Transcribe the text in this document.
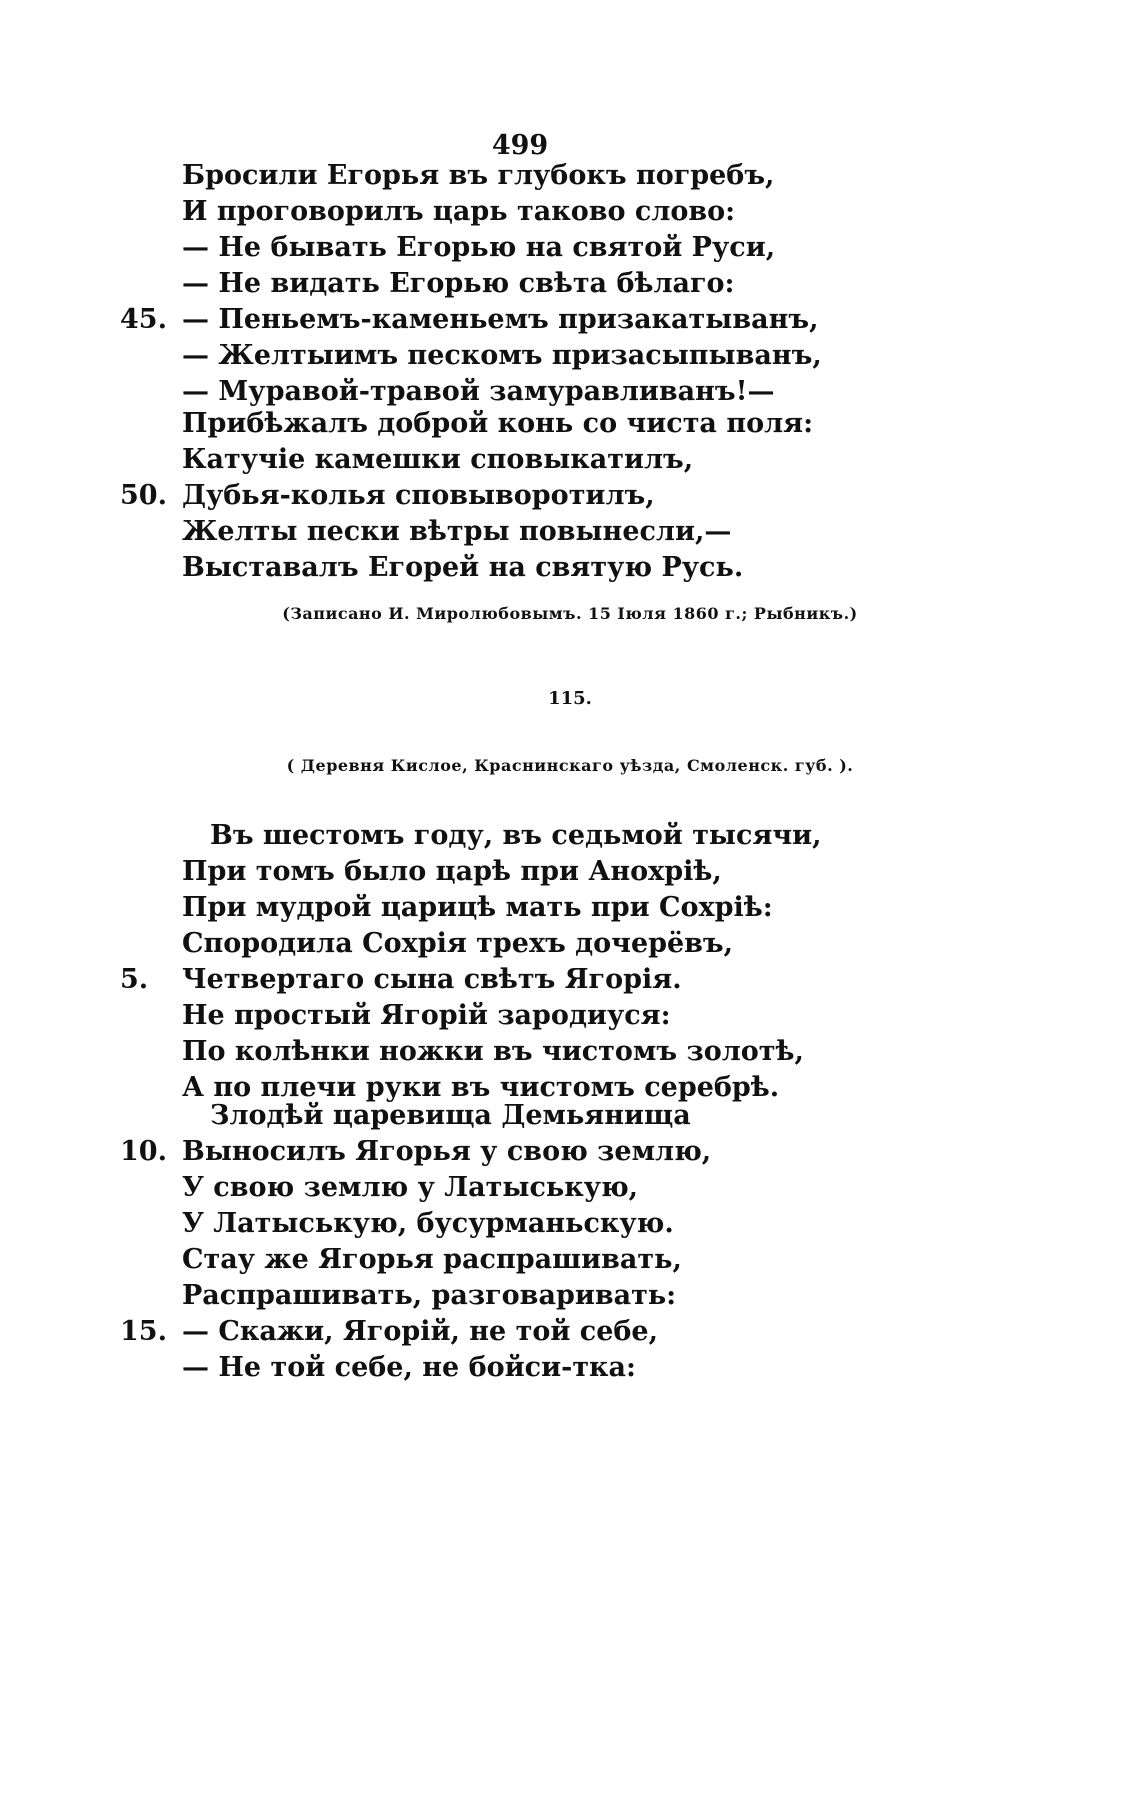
499
Бросили Егорья въ глубокъ погребъ,
И проговорилъ царь таково слово:
— Не бывать Егорью на святой Руси,
— Не видать Егорью свѣта бѣлаго:
45. — Пеньемъ-каменьемъ призакатыванъ,
— Желтыимъ пескомъ призасыпыванъ,
— Муравой-травой замуравливанъ!—
Прибѣжалъ доброй конь со чиста поля:
Катучіе камешки сповыкатилъ,
50. Дубья-колья сповыворотилъ,
Желты пески вѣтры повынесли,—
Выставалъ Егорей на святую Русь.
(Записано И. Миролюбовымъ. 15 Іюля 1860 г.; Рыбникъ.)
115.
( Деревня Кислое, Краснинскаго уѣзда, Смоленск. губ. ).
Въ шестомъ году, въ седьмой тысячи,
При томъ было царѣ при Анохріѣ,
При мудрой царицѣ мать при Сохріѣ:
Спородила Сохрія трехъ дочерёвъ,
5.	Четвертаго сына свѣтъ Ягорія.
Не простый Ягорій зародиуся:
По колѣнки ножки въ чистомъ золотѣ,
А по плечи руки въ чистомъ серебрѣ.
Злодѣй царевища Демьянища
10. Выносилъ Ягорья у свою землю,
У свою землю у Латыськую,
У Латыськую, бусурманьскую.
Стау же Ягорья распрашивать,
Распрашивать, разговаривать:
15. — Скажи, Ягорій, не той себе,
— Не той себе, не бойси-тка:
